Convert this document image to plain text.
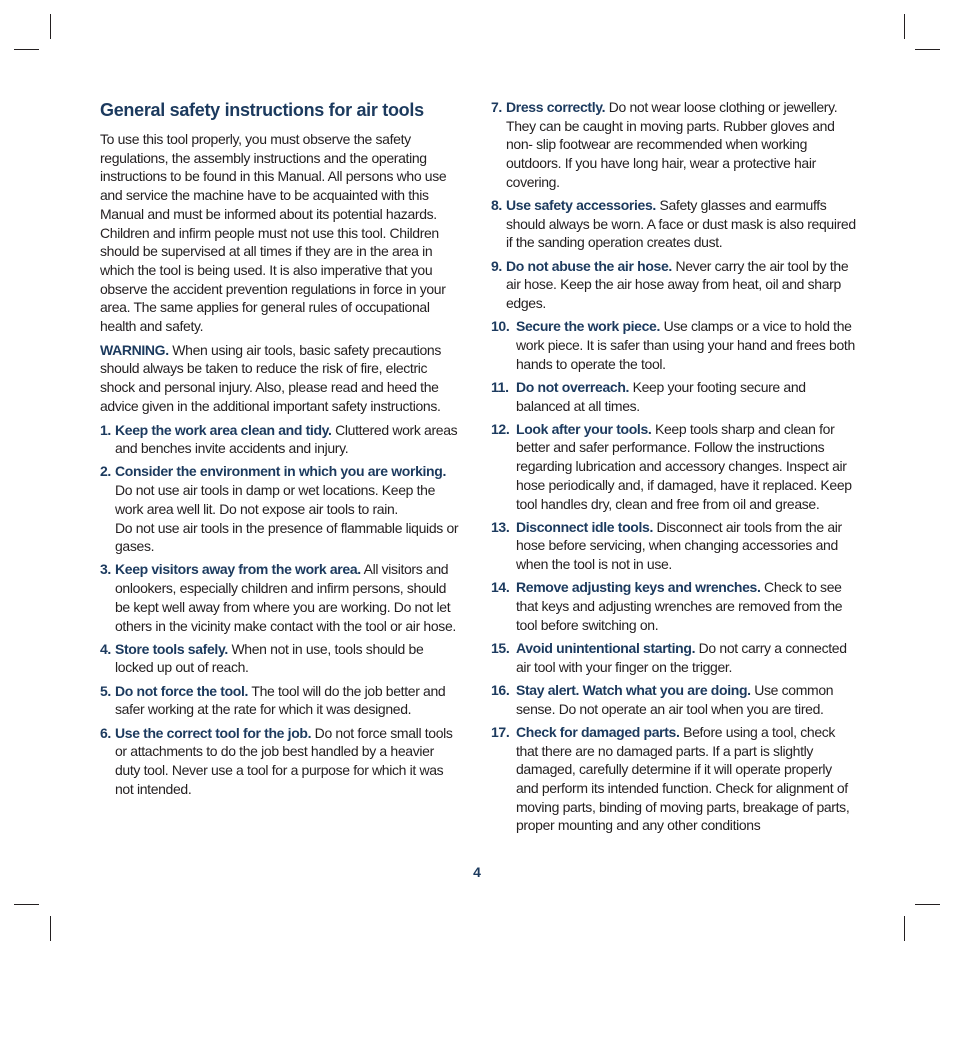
General safety instructions for air tools

To use this tool properly, you must observe the safety regulations, the assembly instructions and the operating instructions to be found in this Manual. All persons who use and service the machine have to be acquainted with this Manual and must be informed about its potential hazards. Children and infirm people must not use this tool. Children should be supervised at all times if they are in the area in which the tool is being used. It is also imperative that you observe the accident prevention regulations in force in your area. The same applies for general rules of occupational health and safety.

WARNING. When using air tools, basic safety precautions should always be taken to reduce the risk of fire, electric shock and personal injury. Also, please read and heed the advice given in the additional important safety instructions.

1. Keep the work area clean and tidy. Cluttered work areas and benches invite accidents and injury.
2. Consider the environment in which you are working. Do not use air tools in damp or wet locations. Keep the work area well lit. Do not expose air tools to rain.
Do not use air tools in the presence of flammable liquids or gases.
3. Keep visitors away from the work area. All visitors and onlookers, especially children and infirm persons, should be kept well away from where you are working. Do not let others in the vicinity make contact with the tool or air hose.
4. Store tools safely. When not in use, tools should be locked up out of reach.
5. Do not force the tool. The tool will do the job better and safer working at the rate for which it was designed.
6. Use the correct tool for the job. Do not force small tools or attachments to do the job best handled by a heavier duty tool. Never use a tool for a purpose for which it was not intended.
7. Dress correctly. Do not wear loose clothing or jewellery. They can be caught in moving parts. Rubber gloves and non- slip footwear are recommended when working outdoors. If you have long hair, wear a protective hair covering.
8. Use safety accessories. Safety glasses and earmuffs should always be worn. A face or dust mask is also required if the sanding operation creates dust.
9. Do not abuse the air hose. Never carry the air tool by the air hose. Keep the air hose away from heat, oil and sharp edges.
10. Secure the work piece. Use clamps or a vice to hold the work piece. It is safer than using your hand and frees both hands to operate the tool.
11. Do not overreach. Keep your footing secure and balanced at all times.
12. Look after your tools. Keep tools sharp and clean for better and safer performance. Follow the instructions regarding lubrication and accessory changes. Inspect air hose periodically and, if damaged, have it replaced. Keep tool handles dry, clean and free from oil and grease.
13. Disconnect idle tools. Disconnect air tools from the air hose before servicing, when changing accessories and when the tool is not in use.
14. Remove adjusting keys and wrenches. Check to see that keys and adjusting wrenches are removed from the tool before switching on.
15. Avoid unintentional starting. Do not carry a connected air tool with your finger on the trigger.
16. Stay alert. Watch what you are doing. Use common sense. Do not operate an air tool when you are tired.
17. Check for damaged parts. Before using a tool, check that there are no damaged parts. If a part is slightly damaged, carefully determine if it will operate properly and perform its intended function. Check for alignment of moving parts, binding of moving parts, breakage of parts, proper mounting and any other conditions
4
